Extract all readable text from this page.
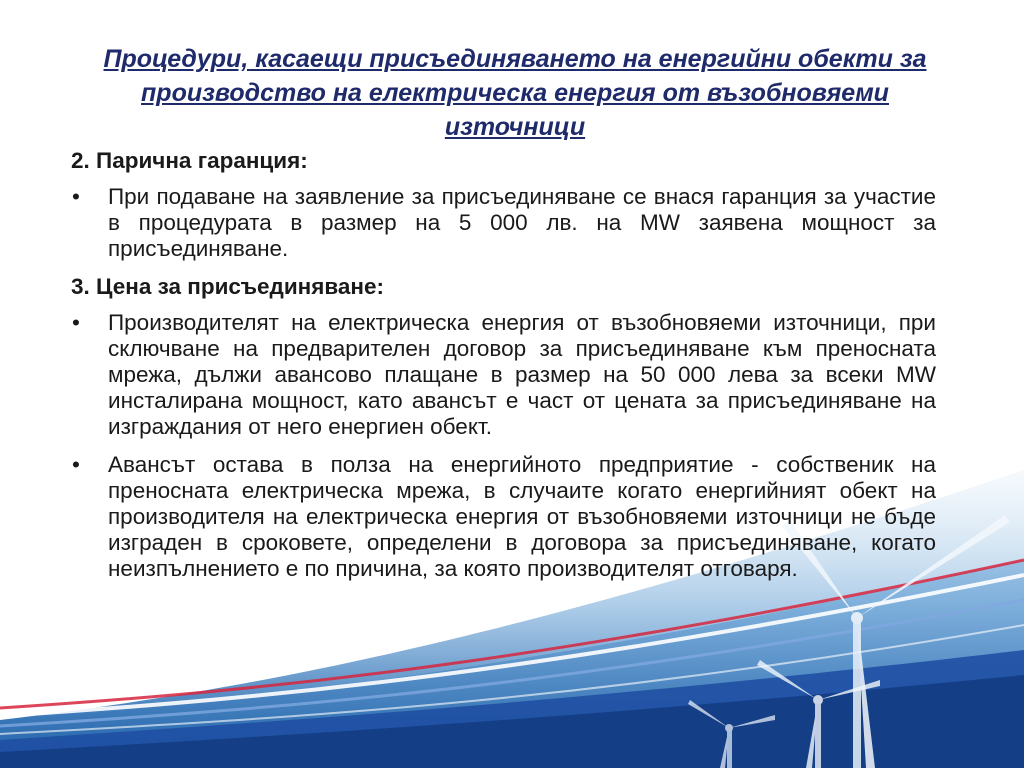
Процедури, касаещи присъединяването на енергийни обекти за производство на електрическа енергия от възобновяеми източници
2. Парична гаранция:
•	При подаване на заявление за присъединяване се внася гаранция за участие в процедурата в размер на 5 000 лв. на MW заявена мощност за присъединяване.
3. Цена за присъединяване:
•	Производителят на електрическа енергия от възобновяеми източници, при сключване на предварителен договор за присъединяване към преносната мрежа, дължи авансово плащане в размер на 50 000 лева за всеки MW инсталирана мощност, като авансът е част от цената за присъединяване на изграждания от него енергиен обект.
•	Авансът остава в полза на енергийното предприятие - собственик на преносната електрическа мрежа, в случаите когато енергийният обект на производителя на електрическа енергия от възобновяеми източници не бъде изграден в сроковете, определени в договора за присъединяване, когато неизпълнението е по причина, за която производителят отговаря.
